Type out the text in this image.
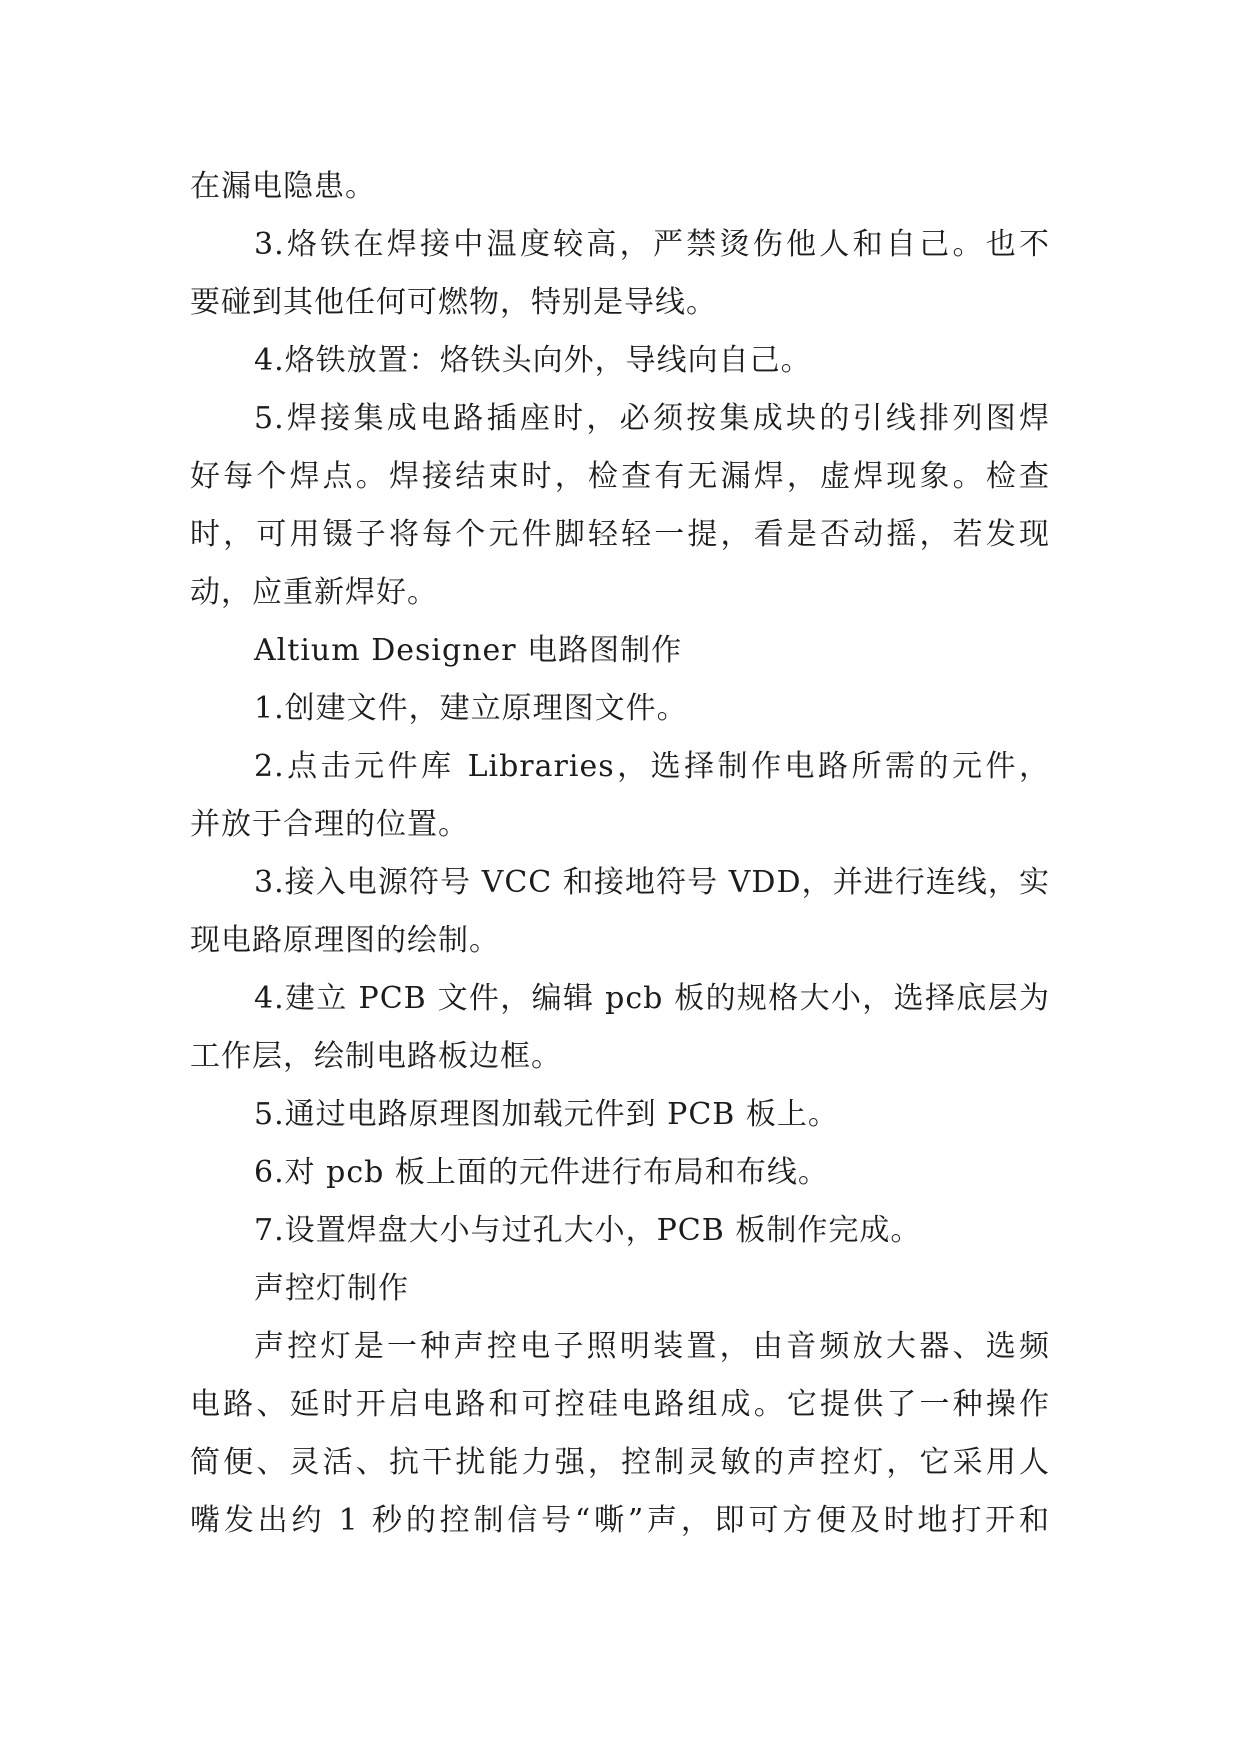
在漏电隐患。
3.烙铁在焊接中温度较高，严禁烫伤他人和自己。也不
要碰到其他任何可燃物，特别是导线。
4.烙铁放置：烙铁头向外，导线向自己。
5.焊接集成电路插座时，必须按集成块的引线排列图焊
好每个焊点。焊接结束时，检查有无漏焊，虚焊现象。检查
时，可用镊子将每个元件脚轻轻一提，看是否动摇，若发现
动，应重新焊好。
Altium Designer 电路图制作
1.创建文件，建立原理图文件。
2.点击元件库 Libraries，选择制作电路所需的元件，
并放于合理的位置。
3.接入电源符号 VCC 和接地符号 VDD，并进行连线，实
现电路原理图的绘制。
4.建立 PCB 文件，编辑 pcb 板的规格大小，选择底层为
工作层，绘制电路板边框。
5.通过电路原理图加载元件到 PCB 板上。
6.对 pcb 板上面的元件进行布局和布线。
7.设置焊盘大小与过孔大小，PCB 板制作完成。
声控灯制作
声控灯是一种声控电子照明装置，由音频放大器、选频
电路、延时开启电路和可控硅电路组成。它提供了一种操作
简便、灵活、抗干扰能力强，控制灵敏的声控灯，它采用人
嘴发出约 1 秒的控制信号“嘶”声，即可方便及时地打开和
